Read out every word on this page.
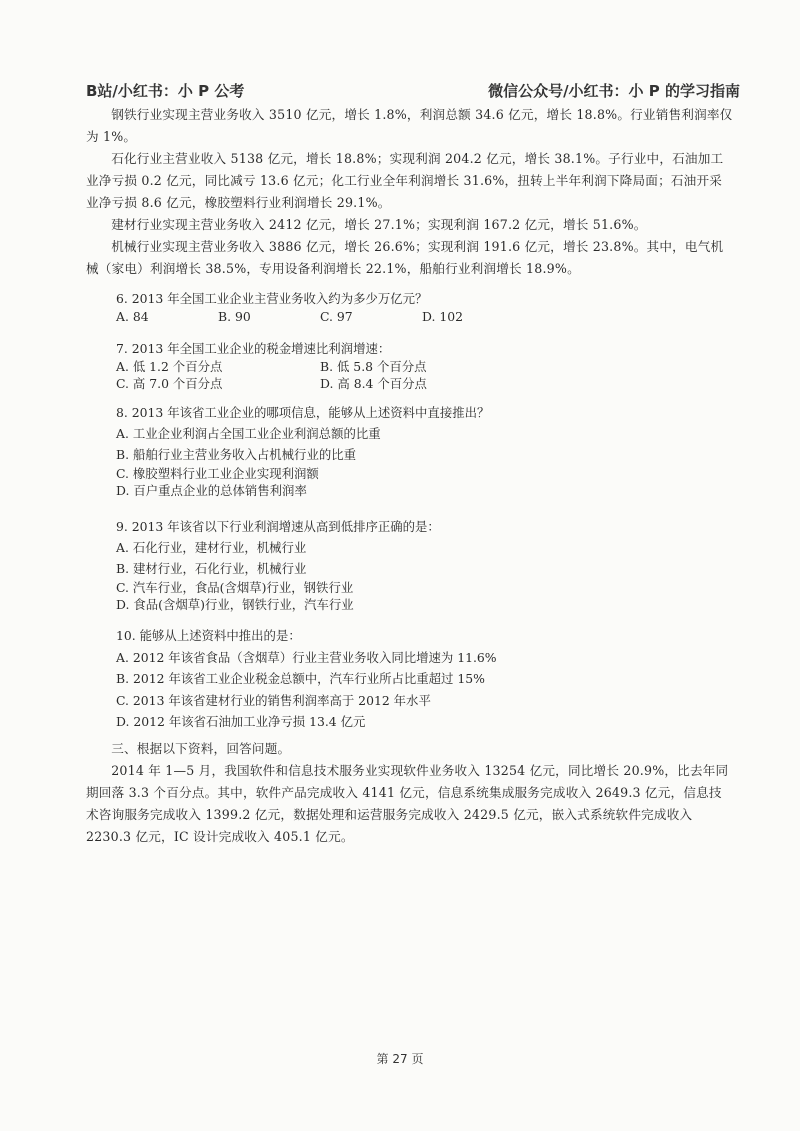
B站/小红书：小 P 公考	微信公众号/小红书：小 P 的学习指南

钢铁行业实现主营业务收入 3510 亿元，增长 1.8%，利润总额 34.6 亿元，增长 18.8%。行业销售利润率仅为 1%。

石化行业主营业收入 5138 亿元，增长 18.8%；实现利润 204.2 亿元，增长 38.1%。子行业中，石油加工业净亏损 0.2 亿元，同比减亏 13.6 亿元；化工行业全年利润增长 31.6%，扭转上半年利润下降局面；石油开采业净亏损 8.6 亿元，橡胶塑料行业利润增长 29.1%。

建材行业实现主营业务收入 2412 亿元，增长 27.1%；实现利润 167.2 亿元，增长 51.6%。

机械行业实现主营业务收入 3886 亿元，增长 26.6%；实现利润 191.6 亿元，增长 23.8%。其中，电气机械（家电）利润增长 38.5%，专用设备利润增长 22.1%，船舶行业利润增长 18.9%。

6. 2013 年全国工业企业主营业务收入约为多少万亿元？

A. 84	B. 90	C. 97	D. 102

7. 2013 年全国工业企业的税金增速比利润增速：

A. 低 1.2 个百分点	B. 低 5.8 个百分点
C. 高 7.0 个百分点	D. 高 8.4 个百分点

8. 2013 年该省工业企业的哪项信息，能够从上述资料中直接推出？

A. 工业企业利润占全国工业企业利润总额的比重

B. 船舶行业主营业务收入占机械行业的比重

C. 橡胶塑料行业工业企业实现利润额

D. 百户重点企业的总体销售利润率

9. 2013 年该省以下行业利润增速从高到低排序正确的是：

A. 石化行业，建材行业，机械行业

B. 建材行业，石化行业，机械行业

C. 汽车行业，食品(含烟草)行业，钢铁行业

D. 食品(含烟草)行业，钢铁行业，汽车行业

10. 能够从上述资料中推出的是：

A. 2012 年该省食品（含烟草）行业主营业务收入同比增速为 11.6%

B. 2012 年该省工业企业税金总额中，汽车行业所占比重超过 15%

C. 2013 年该省建材行业的销售利润率高于 2012 年水平

D. 2012 年该省石油加工业净亏损 13.4 亿元

三、根据以下资料，回答问题。

2014 年 1—5 月，我国软件和信息技术服务业实现软件业务收入 13254 亿元，同比增长 20.9%，比去年同期回落 3.3 个百分点。其中，软件产品完成收入 4141 亿元，信息系统集成服务完成收入 2649.3 亿元，信息技术咨询服务完成收入 1399.2 亿元，数据处理和运营服务完成收入 2429.5 亿元，嵌入式系统软件完成收入 2230.3 亿元，IC 设计完成收入 405.1 亿元。

第 27 页
